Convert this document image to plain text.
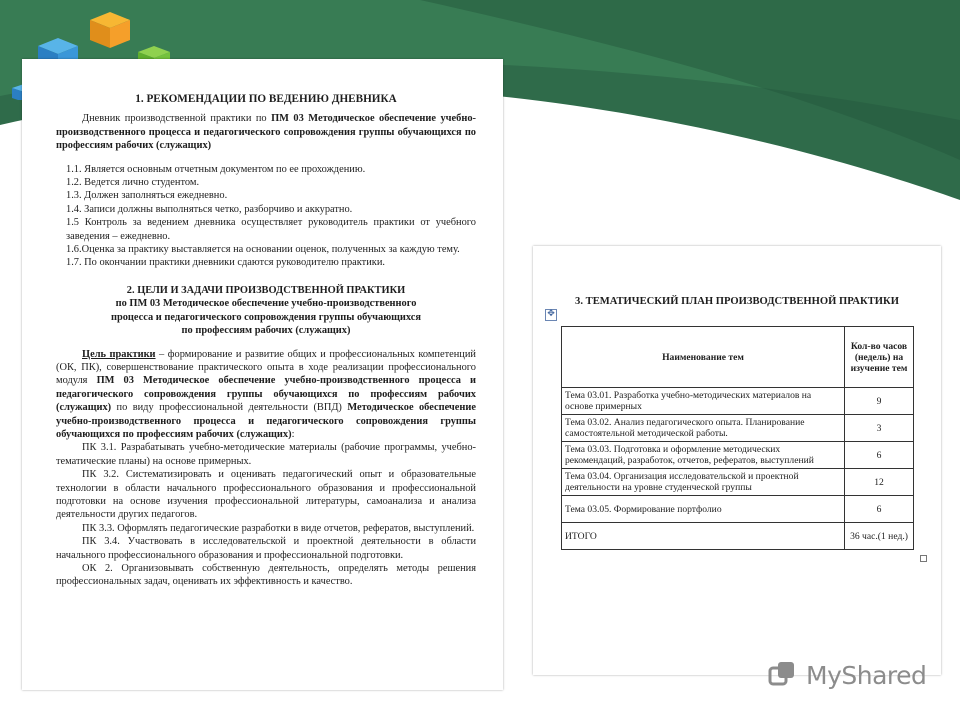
1. РЕКОМЕНДАЦИИ ПО ВЕДЕНИЮ ДНЕВНИКА

Дневник производственной практики по ПМ 03 Методическое обеспечение учебно-производственного процесса и педагогического сопровождения группы обучающихся по профессиям рабочих (служащих)

1.1. Является основным отчетным документом по ее прохождению.

1.2. Ведется лично студентом.

1.3. Должен заполняться ежедневно.

1.4. Записи должны выполняться четко, разборчиво и аккуратно.

1.5 Контроль за ведением дневника осуществляет руководитель практики от учебного заведения – ежедневно.

1.6.Оценка за практику выставляется на основании оценок, полученных за каждую тему.

1.7. По окончании практики дневники сдаются руководителю практики.

2. ЦЕЛИ И ЗАДАЧИ ПРОИЗВОДСТВЕННОЙ ПРАКТИКИ

по ПМ 03 Методическое обеспечение учебно-производственного процесса и педагогического сопровождения группы обучающихся по профессиям рабочих (служащих)

Цель практики – формирование и развитие общих и профессиональных компетенций (ОК, ПК), совершенствование практического опыта в ходе реализации профессионального модуля ПМ 03 Методическое обеспечение учебно-производственного процесса и педагогического сопровождения группы обучающихся по профессиям рабочих (служащих) по виду профессиональной деятельности (ВПД) Методическое обеспечение учебно-производственного процесса и педагогического сопровождения группы обучающихся по профессиям рабочих (служащих):

ПК 3.1. Разрабатывать учебно-методические материалы (рабочие программы, учебно-тематические планы) на основе примерных.

ПК 3.2. Систематизировать и оценивать педагогический опыт и образовательные технологии в области начального профессионального образования и профессиональной подготовки на основе изучения профессиональной литературы, самоанализа и анализа деятельности других педагогов.

ПК 3.3. Оформлять педагогические разработки в виде отчетов, рефератов, выступлений.

ПК 3.4. Участвовать в исследовательской и проектной деятельности в области начального профессионального образования и профессиональной подготовки.

ОК 2. Организовывать собственную деятельность, определять методы решения профессиональных задач, оценивать их эффективность и качество.

3. ТЕМАТИЧЕСКИЙ ПЛАН ПРОИЗВОДСТВЕННОЙ ПРАКТИКИ
✥
Наименование тем	Кол-во часов (недель) на изучение тем
Тема 03.01. Разработка учебно-методических материалов на основе примерных	9
Тема 03.02. Анализ педагогического опыта. Планирование самостоятельной методической работы.	3
Тема 03.03. Подготовка и оформление методических рекомендаций, разработок, отчетов, рефератов, выступлений	6
Тема 03.04. Организация исследовательской и проектной деятельности на уровне студенческой группы	12
Тема 03.05. Формирование портфолио	6
ИТОГО	36 час.(1 нед.)
MyShared
